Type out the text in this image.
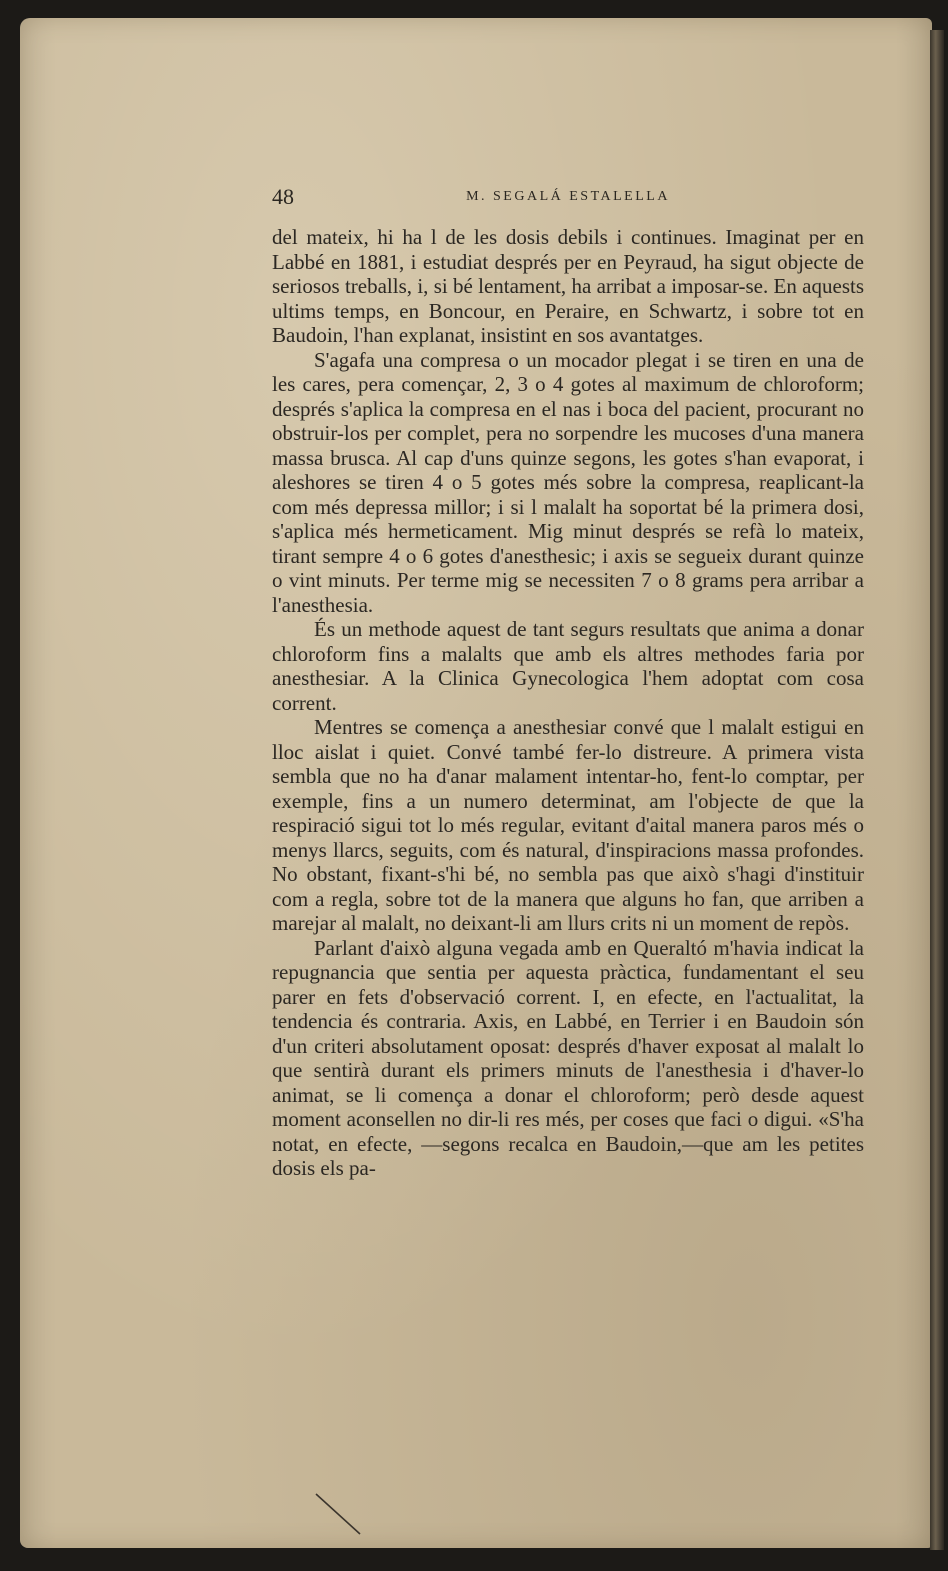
48	M. SEGALÁ ESTALELLA

del mateix, hi ha l de les dosis debils i continues. Imaginat per en Labbé en 1881, i estudiat després per en Peyraud, ha sigut objecte de seriosos treballs, i, si bé lentament, ha arribat a imposar-se. En aquests ultims temps, en Boncour, en Peraire, en Schwartz, i sobre tot en Baudoin, l'han explanat, insistint en sos avantatges.

S'agafa una compresa o un mocador plegat i se tiren en una de les cares, pera començar, 2, 3 o 4 gotes al maximum de chloroform; després s'aplica la compresa en el nas i boca del pacient, procurant no obstruir-los per complet, pera no sorpendre les mucoses d'una manera massa brusca. Al cap d'uns quinze segons, les gotes s'han evaporat, i aleshores se tiren 4 o 5 gotes més sobre la compresa, reaplicant-la com més depressa millor; i si l malalt ha soportat bé la primera dosi, s'aplica més hermeticament. Mig minut després se refà lo mateix, tirant sempre 4 o 6 gotes d'anesthesic; i axis se segueix durant quinze o vint minuts. Per terme mig se necessiten 7 o 8 grams pera arribar a l'anesthesia.

És un methode aquest de tant segurs resultats que anima a donar chloroform fins a malalts que amb els altres methodes faria por anesthesiar. A la Clinica Gynecologica l'hem adoptat com cosa corrent.

Mentres se comença a anesthesiar convé que l malalt estigui en lloc aislat i quiet. Convé també fer-lo distreure. A primera vista sembla que no ha d'anar malament intentar-ho, fent-lo comptar, per exemple, fins a un numero determinat, am l'objecte de que la respiració sigui tot lo més regular, evitant d'aital manera paros més o menys llarcs, seguits, com és natural, d'inspiracions massa profondes. No obstant, fixant-s'hi bé, no sembla pas que això s'hagi d'instituir com a regla, sobre tot de la manera que alguns ho fan, que arriben a marejar al malalt, no deixant-li am llurs crits ni un moment de repòs.

Parlant d'això alguna vegada amb en Queraltó m'havia indicat la repugnancia que sentia per aquesta pràctica, fundamentant el seu parer en fets d'observació corrent. I, en efecte, en l'actualitat, la tendencia és contraria. Axis, en Labbé, en Terrier i en Baudoin són d'un criteri absolutament oposat: després d'haver exposat al malalt lo que sentirà durant els primers minuts de l'anesthesia i d'haver-lo animat, se li comença a donar el chloroform; però desde aquest moment aconsellen no dir-li res més, per coses que faci o digui. «S'ha notat, en efecte, —segons recalca en Baudoin,—que am les petites dosis els pa-
